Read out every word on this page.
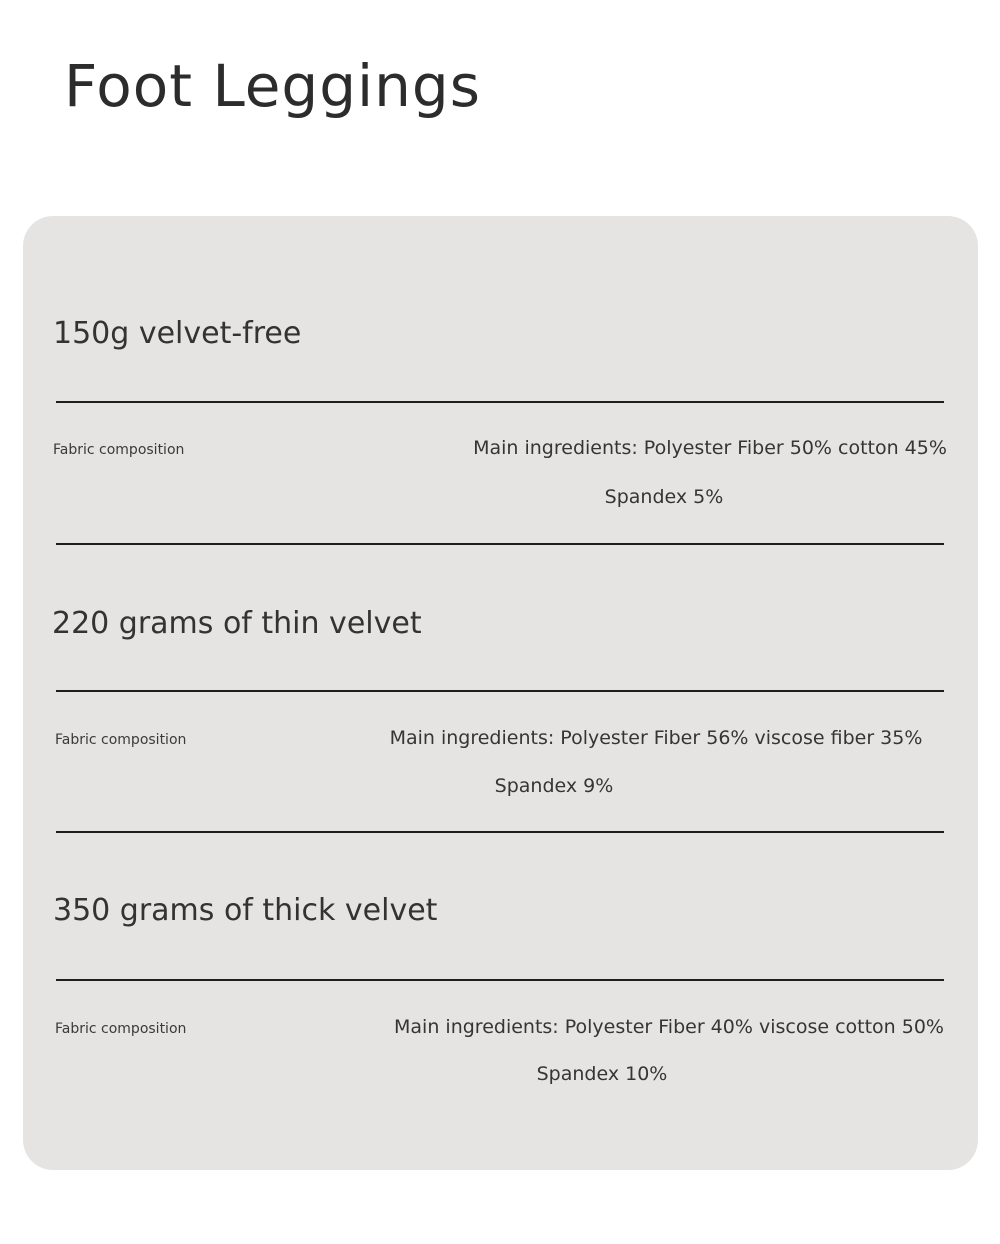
Foot Leggings
150g velvet-free
Fabric composition	Main ingredients: Polyester Fiber 50% cotton 45%
Spandex 5%
220 grams of thin velvet
Fabric composition	Main ingredients: Polyester Fiber 56% viscose fiber 35%
Spandex 9%
350 grams of thick velvet
Fabric composition	Main ingredients: Polyester Fiber 40% viscose cotton 50%
Spandex 10%
